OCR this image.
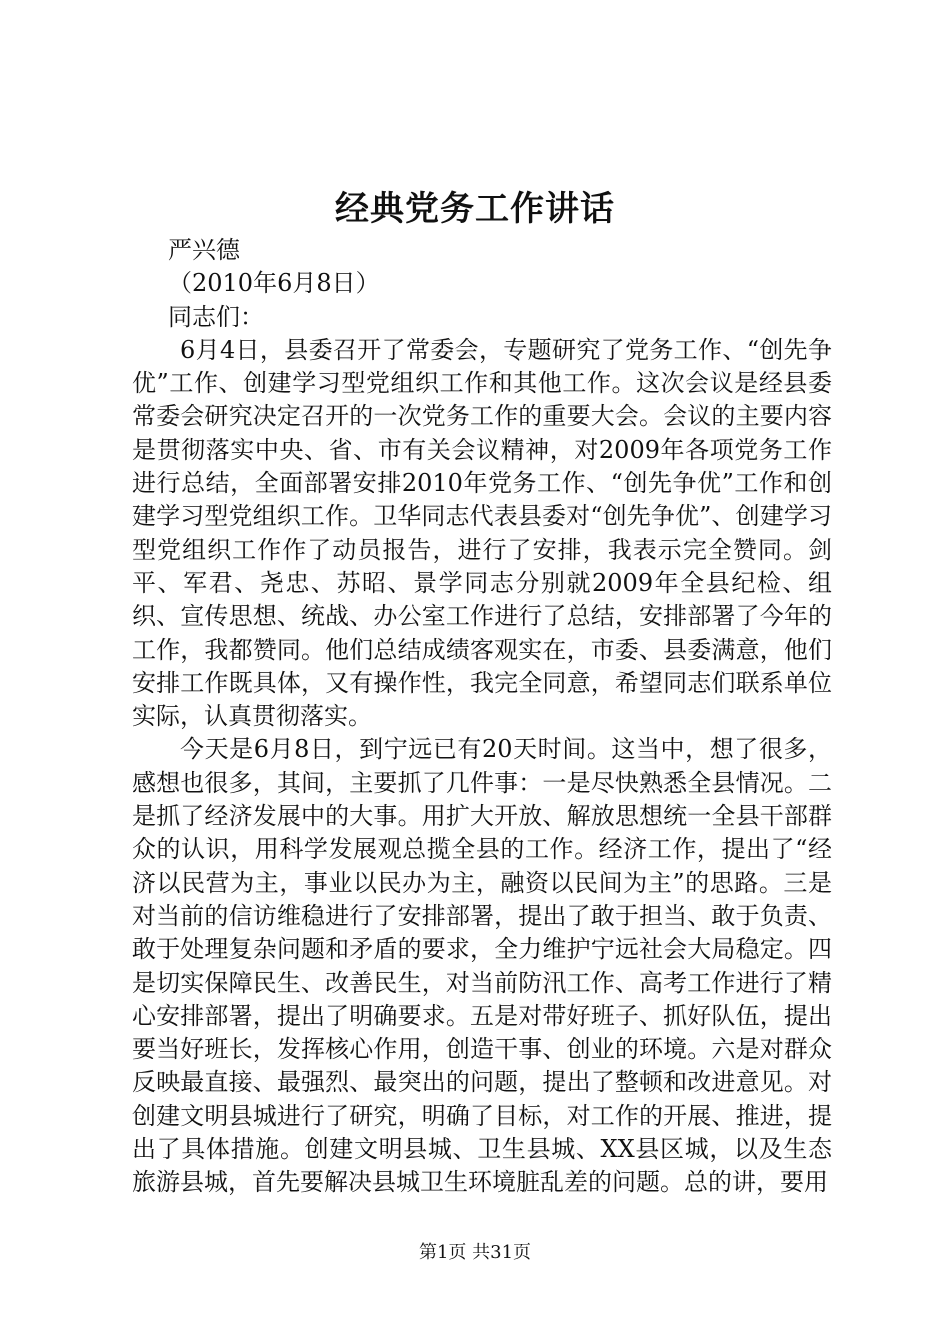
经典党务工作讲话

严兴德

（2010年6月8日）

同志们：

6月4日，县委召开了常委会，专题研究了党务工作、“创先争优”工作、创建学习型党组织工作和其他工作。这次会议是经县委常委会研究决定召开的一次党务工作的重要大会。会议的主要内容是贯彻落实中央、省、市有关会议精神，对2009年各项党务工作进行总结，全面部署安排2010年党务工作、“创先争优”工作和创建学习型党组织工作。卫华同志代表县委对“创先争优”、创建学习型党组织工作作了动员报告，进行了安排，我表示完全赞同。剑平、军君、尧忠、苏昭、景学同志分别就2009年全县纪检、组织、宣传思想、统战、办公室工作进行了总结，安排部署了今年的工作，我都赞同。他们总结成绩客观实在，市委、县委满意，他们安排工作既具体，又有操作性，我完全同意，希望同志们联系单位实际，认真贯彻落实。

今天是6月8日，到宁远已有20天时间。这当中，想了很多，感想也很多，其间，主要抓了几件事：一是尽快熟悉全县情况。二是抓了经济发展中的大事。用扩大开放、解放思想统一全县干部群众的认识，用科学发展观总揽全县的工作。经济工作，提出了“经济以民营为主，事业以民办为主，融资以民间为主”的思路。三是对当前的信访维稳进行了安排部署，提出了敢于担当、敢于负责、敢于处理复杂问题和矛盾的要求，全力维护宁远社会大局稳定。四是切实保障民生、改善民生，对当前防汛工作、高考工作进行了精心安排部署，提出了明确要求。五是对带好班子、抓好队伍，提出要当好班长，发挥核心作用，创造干事、创业的环境。六是对群众反映最直接、最强烈、最突出的问题，提出了整顿和改进意见。对创建文明县城进行了研究，明确了目标，对工作的开展、推进，提出了具体措施。创建文明县城、卫生县城、XX县区城，以及生态旅游县城，首先要解决县城卫生环境脏乱差的问题。总的讲，要用

第1页 共31页
